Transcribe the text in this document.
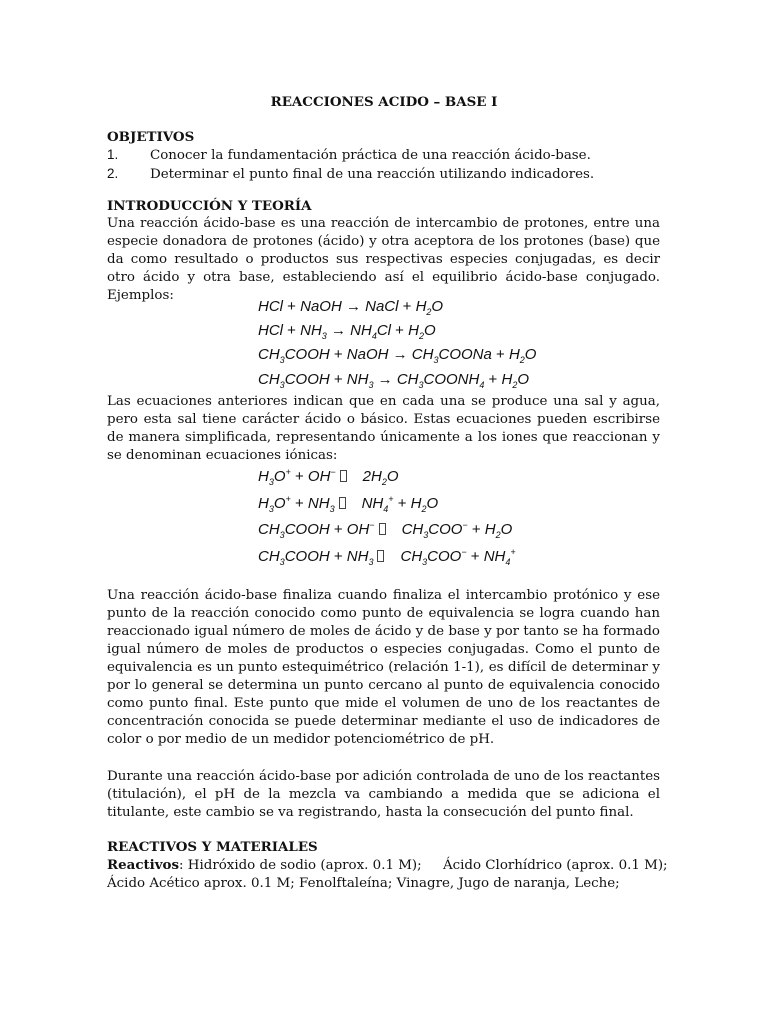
REACCIONES ACIDO – BASE I
OBJETIVOS
1. Conocer la fundamentación práctica de una reacción ácido-base.
2. Determinar el punto final de una reacción utilizando indicadores.
INTRODUCCIÓN Y TEORÍA
Una reacción ácido-base es una reacción de intercambio de protones, entre una especie donadora de protones (ácido) y otra aceptora de los protones (base) que da como resultado o productos sus respectivas especies conjugadas, es decir otro ácido y otra base, estableciendo así el equilibrio ácido-base conjugado. Ejemplos:
HCl + NaOH → NaCl + $H_2O$
HCl + $NH_3 \to NH_4Cl + H_2O$
$CH_3COOH$ + NaOH → $CH_3COONa + H_2O$
$CH_3COOH + NH_3$ → $CH_3COONH_4 + H_2O$
Las ecuaciones anteriores indican que en cada una se produce una sal y agua, pero esta sal tiene carácter ácido o básico. Estas ecuaciones pueden escribirse de manera simplificada, representando únicamente a los iones que reaccionan y se denominan ecuaciones iónicas:
$H_3O^+ + OH^-$ $2H_2O$
$H_3O^+ + NH_3$ $NH_4^+ + H_2O$
$CH_3COOH + OH^-$ $CH_3COO^- + H_2O$
$CH_3COOH + NH_3$ $CH_3COO^- + NH_4^+$
Una reacción ácido-base finaliza cuando finaliza el intercambio protónico y ese punto de la reacción conocido como punto de equivalencia se logra cuando han reaccionado igual número de moles de ácido y de base y por tanto se ha formado igual número de moles de productos o especies conjugadas. Como el punto de equivalencia es un punto estequimétrico (relación 1-1), es difícil de determinar y por lo general se determina un punto cercano al punto de equivalencia conocido como punto final. Este punto que mide el volumen de uno de los reactantes de concentración conocida se puede determinar mediante el uso de indicadores de color o por medio de un medidor potenciométrico de pH.
Durante una reacción ácido-base por adición controlada de uno de los reactantes (titulación), el pH de la mezcla va cambiando a medida que se adiciona el titulante, este cambio se va registrando, hasta la consecución del punto final.
REACTIVOS Y MATERIALES
Reactivos: Hidróxido de sodio (aprox. 0.1 M);     Ácido Clorhídrico (aprox. 0.1 M);
Ácido Acético aprox. 0.1 M; Fenolftaleína; Vinagre, Jugo de naranja, Leche;
